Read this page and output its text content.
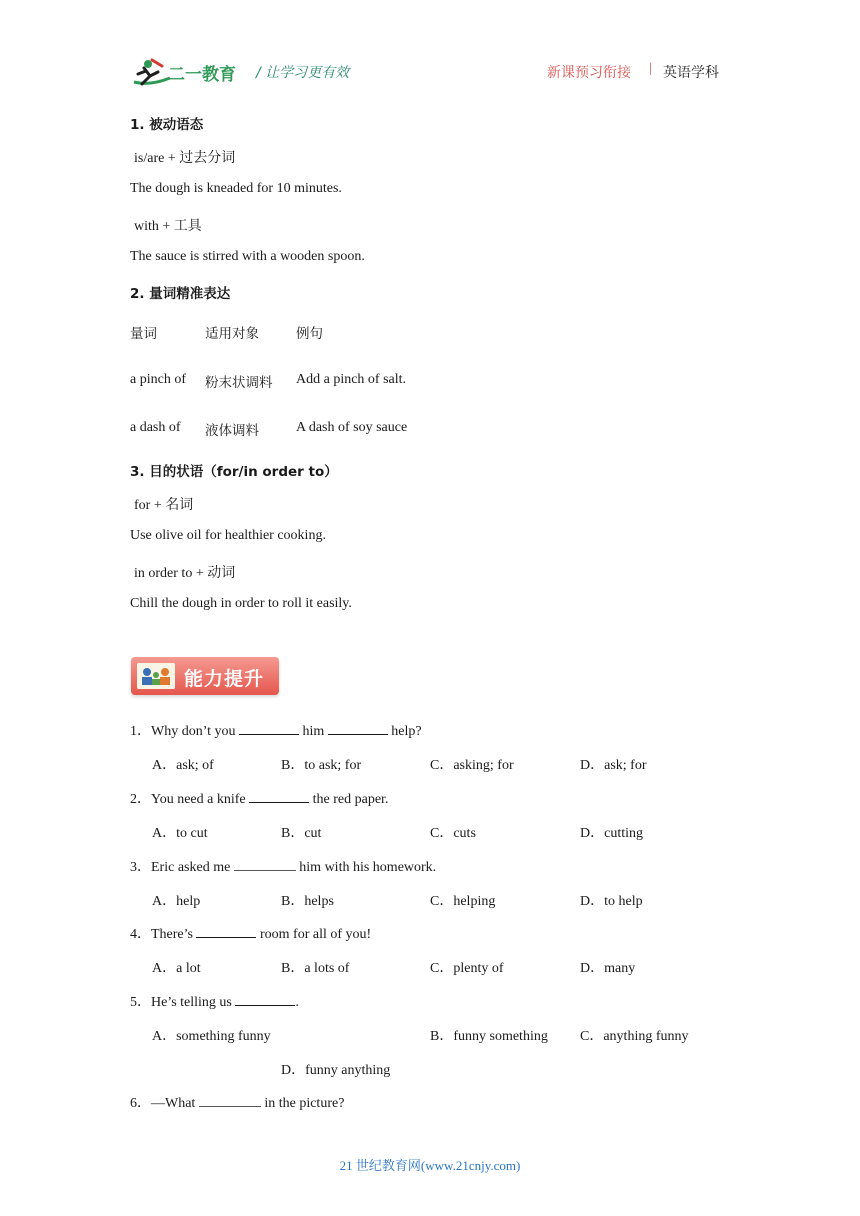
二一教育 / 让学习更有效	新课预习衔接 | 英语学科
1. 被动语态
is/are + 过去分词
The dough is kneaded for 10 minutes.
with + 工具
The sauce is stirred with a wooden spoon.
2. 量词精准表达
量词	适用对象	例句
a pinch of 粉末状调料 Add a pinch of salt.
a dash of 液体调料	A dash of soy sauce
3. 目的状语（for/in order to）
for + 名词
Use olive oil for healthier cooking.
in order to + 动词
Chill the dough in order to roll it easily.
能力提升
1．Why don’t you	him	help?
A．ask; of	B．to ask; for	C．asking; for	D．ask; for
2．You need a knife	the red paper.
A．to cut	B．cut	C．cuts	D．cutting
3．Eric asked me	him with his homework.
A．help	B．helps	C．helping	D．to help
4．There’s	room for all of you!
A．a lot	B．a lots of	C．plenty of	D．many
5．He’s telling us	.
A．something funny	B．funny something C．anything funny
D．funny anything
6．—What	in the picture?
21 世纪教育网(www.21cnjy.com)
